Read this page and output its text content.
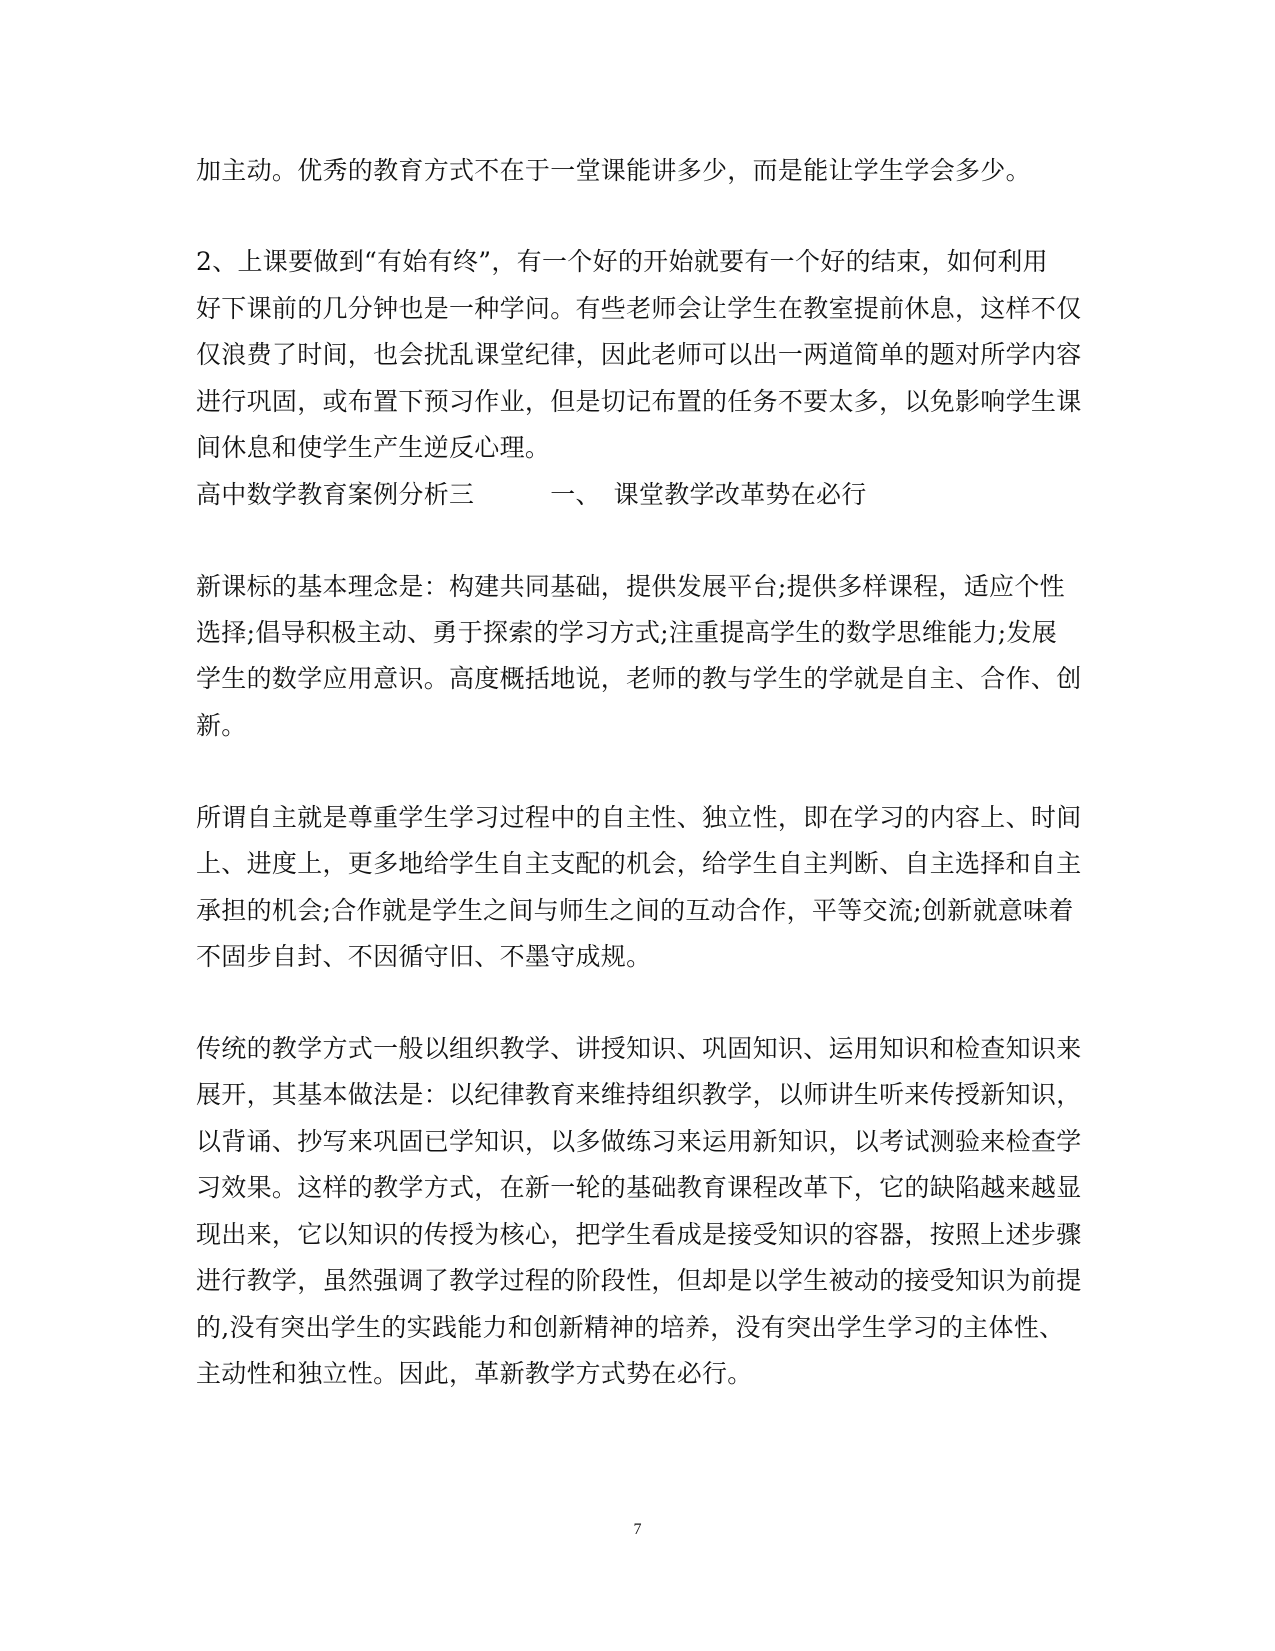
加主动。优秀的教育方式不在于一堂课能讲多少，而是能让学生学会多少。
2、上课要做到“有始有终”，有一个好的开始就要有一个好的结束，如何利用
好下课前的几分钟也是一种学问。有些老师会让学生在教室提前休息，这样不仅
仅浪费了时间，也会扰乱课堂纪律，因此老师可以出一两道简单的题对所学内容
进行巩固，或布置下预习作业，但是切记布置的任务不要太多，以免影响学生课
间休息和使学生产生逆反心理。
高中数学教育案例分析三　　　一、　课堂教学改革势在必行
新课标的基本理念是：构建共同基础，提供发展平台;提供多样课程，适应个性
选择;倡导积极主动、勇于探索的学习方式;注重提高学生的数学思维能力;发展
学生的数学应用意识。高度概括地说，老师的教与学生的学就是自主、合作、创
新。
所谓自主就是尊重学生学习过程中的自主性、独立性，即在学习的内容上、时间
上、进度上，更多地给学生自主支配的机会，给学生自主判断、自主选择和自主
承担的机会;合作就是学生之间与师生之间的互动合作，平等交流;创新就意味着
不固步自封、不因循守旧、不墨守成规。
传统的教学方式一般以组织教学、讲授知识、巩固知识、运用知识和检查知识来
展开，其基本做法是：以纪律教育来维持组织教学，以师讲生听来传授新知识，
以背诵、抄写来巩固已学知识，以多做练习来运用新知识，以考试测验来检查学
习效果。这样的教学方式，在新一轮的基础教育课程改革下，它的缺陷越来越显
现出来，它以知识的传授为核心，把学生看成是接受知识的容器，按照上述步骤
进行教学，虽然强调了教学过程的阶段性，但却是以学生被动的接受知识为前提
的,没有突出学生的实践能力和创新精神的培养，没有突出学生学习的主体性、
主动性和独立性。因此，革新教学方式势在必行。
7
